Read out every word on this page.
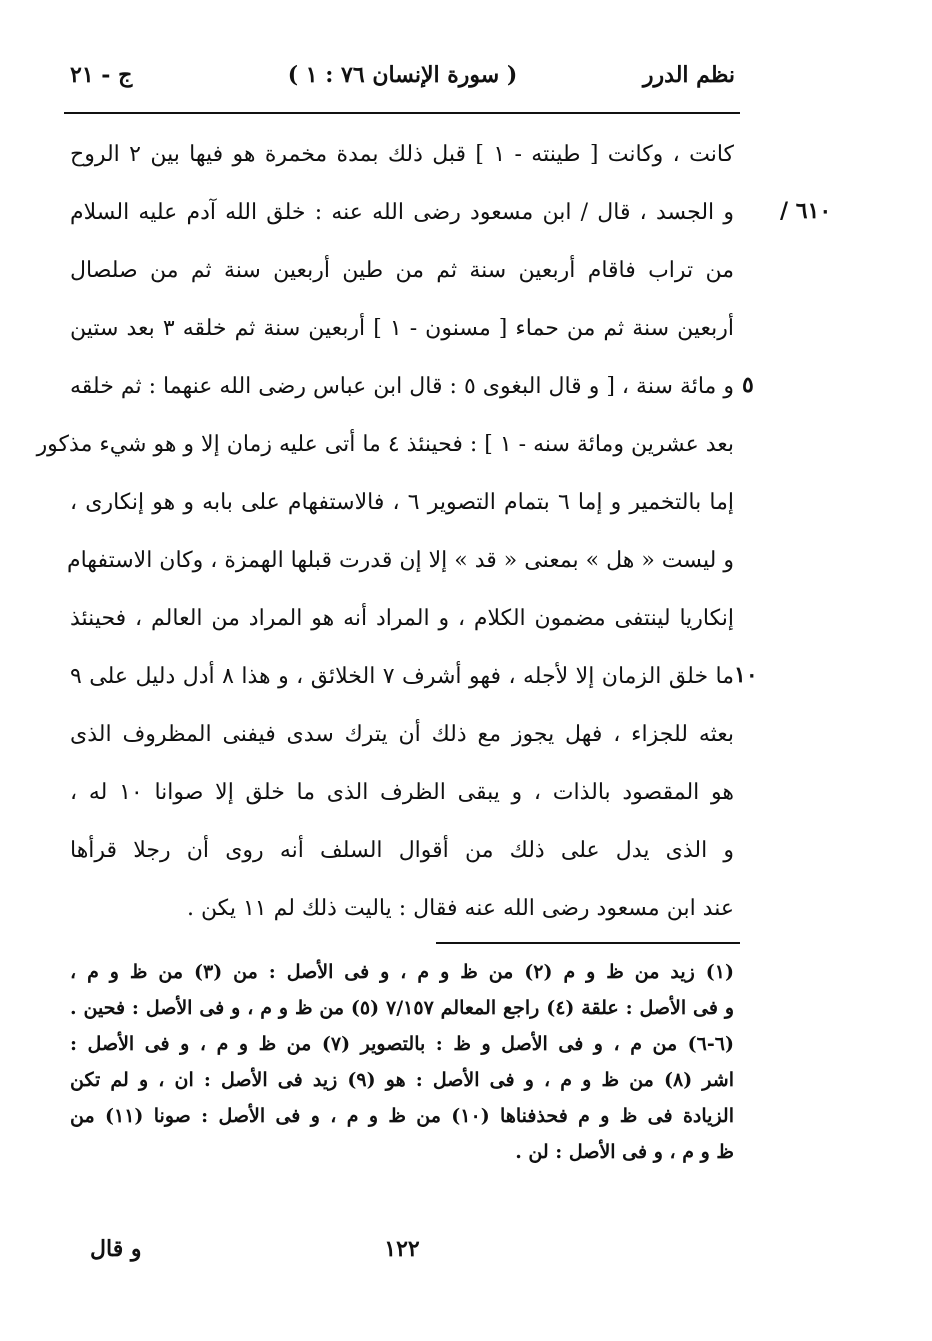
نظم الدرر
( سورة الإنسان ٧٦ : ١ )
ج - ٢١
٦١٠ /
٥
١٠
كانت ، وكانت [ طينته - ١ ] قبل ذلك بمدة مخمرة هو فيها بين ٢ الروح
و الجسد ، قال / ابن مسعود رضى الله عنه : خلق الله آدم عليه السلام
من تراب فاقام أربعين سنة ثم من طين أربعين سنة ثم من صلصال
أربعين سنة ثم من حماء [ مسنون - ١ ] أربعين سنة ثم خلقه ٣ بعد ستين
و مائة سنة ، [ و قال البغوى ٥ : قال ابن عباس رضى الله عنهما : ثم خلقه
بعد عشرين ومائة سنه - ١ ] : فحينئذ ٤ ما أتى عليه زمان إلا و هو شيء مذكور
إما بالتخمير و إما ٦ بتمام التصوير ٦ ، فالاستفهام على بابه و هو إنكارى ،
و ليست « هل » بمعنى « قد » إلا إن قدرت قبلها الهمزة ، وكان الاستفهام
إنكاريا لينتفى مضمون الكلام ، و المراد أنه هو المراد من العالم ، فحينئذ
ما خلق الزمان إلا لأجله ، فهو أشرف ٧ الخلائق ، و هذا ٨ أدل دليل على ٩
بعثه للجزاء ، فهل يجوز مع ذلك أن يترك سدى فيفنى المظروف الذى
هو المقصود بالذات ، و يبقى الظرف الذى ما خلق إلا صوانا ١٠ له ،
و الذى يدل على ذلك من أقوال السلف أنه روى أن رجلا قرأها
عند ابن مسعود رضى الله عنه فقال : ياليت ذلك لم ١١ يكن .
(١) زيد من ظ و م (٢) من ظ و م ، و فى الأصل : من (٣) من ظ و م ،
و فى الأصل : علقة (٤) راجع المعالم ٧/١٥٧ (٥) من ظ و م ، و فى الأصل : فحين .
(٦-٦) من م ، و فى الأصل و ظ : بالتصوير (٧) من ظ و م ، و فى الأصل :
اشر (٨) من ظ و م ، و فى الأصل : هو (٩) زيد فى الأصل : ان ، و لم تكن
الزيادة فى ظ و م فحذفناها (١٠) من ظ و م ، و فى الأصل : صونا (١١) من
ظ و م ، و فى الأصل : لن .
١٢٢
و قال
